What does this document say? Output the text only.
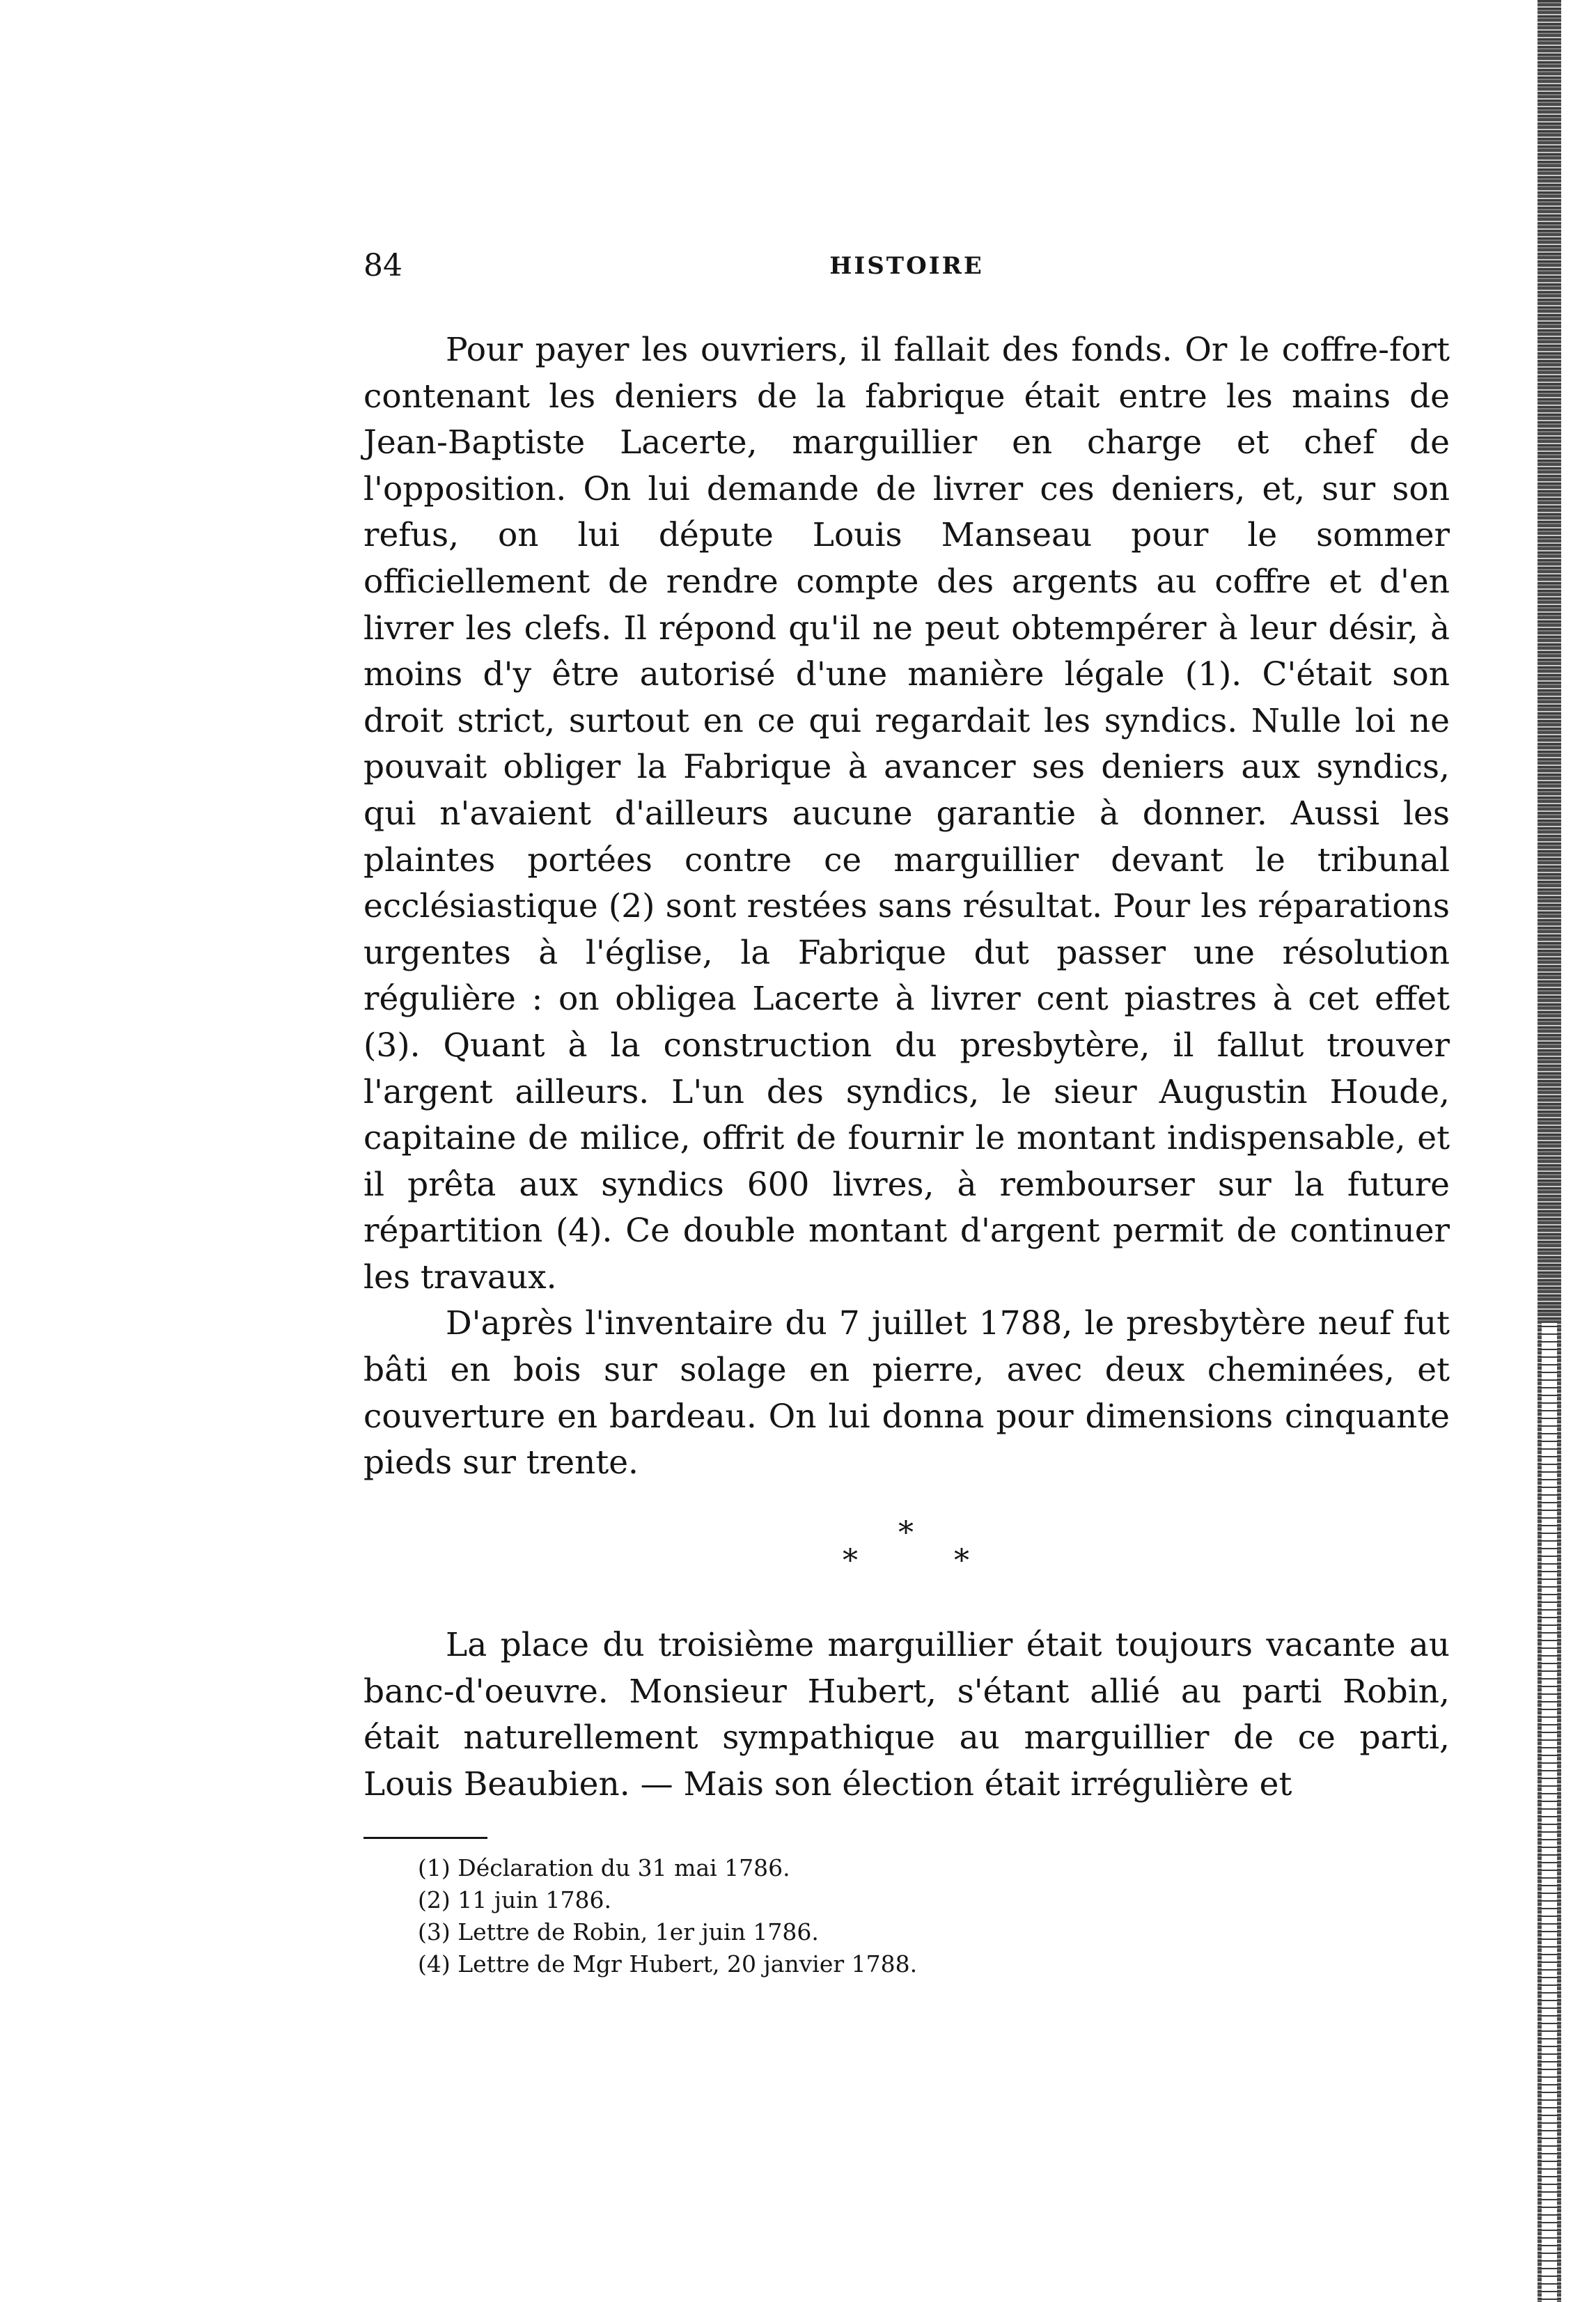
84	HISTOIRE

Pour payer les ouvriers, il fallait des fonds. Or le coffre-fort contenant les deniers de la fabrique était entre les mains de Jean-Baptiste Lacerte, marguillier en charge et chef de l'opposition. On lui demande de livrer ces deniers, et, sur son refus, on lui députe Louis Manseau pour le sommer officiellement de rendre compte des argents au coffre et d'en livrer les clefs. Il répond qu'il ne peut obtempérer à leur désir, à moins d'y être autorisé d'une manière légale (1). C'était son droit strict, surtout en ce qui regardait les syndics. Nulle loi ne pouvait obliger la Fabrique à avancer ses deniers aux syndics, qui n'avaient d'ailleurs aucune garantie à donner. Aussi les plaintes portées contre ce marguillier devant le tribunal ecclésiastique (2) sont restées sans résultat. Pour les réparations urgentes à l'église, la Fabrique dut passer une résolution régulière : on obligea Lacerte à livrer cent piastres à cet effet (3). Quant à la construction du presbytère, il fallut trouver l'argent ailleurs. L'un des syndics, le sieur Augustin Houde, capitaine de milice, offrit de fournir le montant indispensable, et il prêta aux syndics 600 livres, à rembourser sur la future répartition (4). Ce double montant d'argent permit de continuer les travaux.

D'après l'inventaire du 7 juillet 1788, le presbytère neuf fut bâti en bois sur solage en pierre, avec deux cheminées, et couverture en bardeau. On lui donna pour dimensions cinquante pieds sur trente.

*
*	*

La place du troisième marguillier était toujours vacante au banc-d'oeuvre. Monsieur Hubert, s'étant allié au parti Robin, était naturellement sympathique au marguillier de ce parti, Louis Beaubien. — Mais son élection était irrégulière et

(1) Déclaration du 31 mai 1786.
(2) 11 juin 1786.
(3) Lettre de Robin, 1er juin 1786.
(4) Lettre de Mgr Hubert, 20 janvier 1788.
